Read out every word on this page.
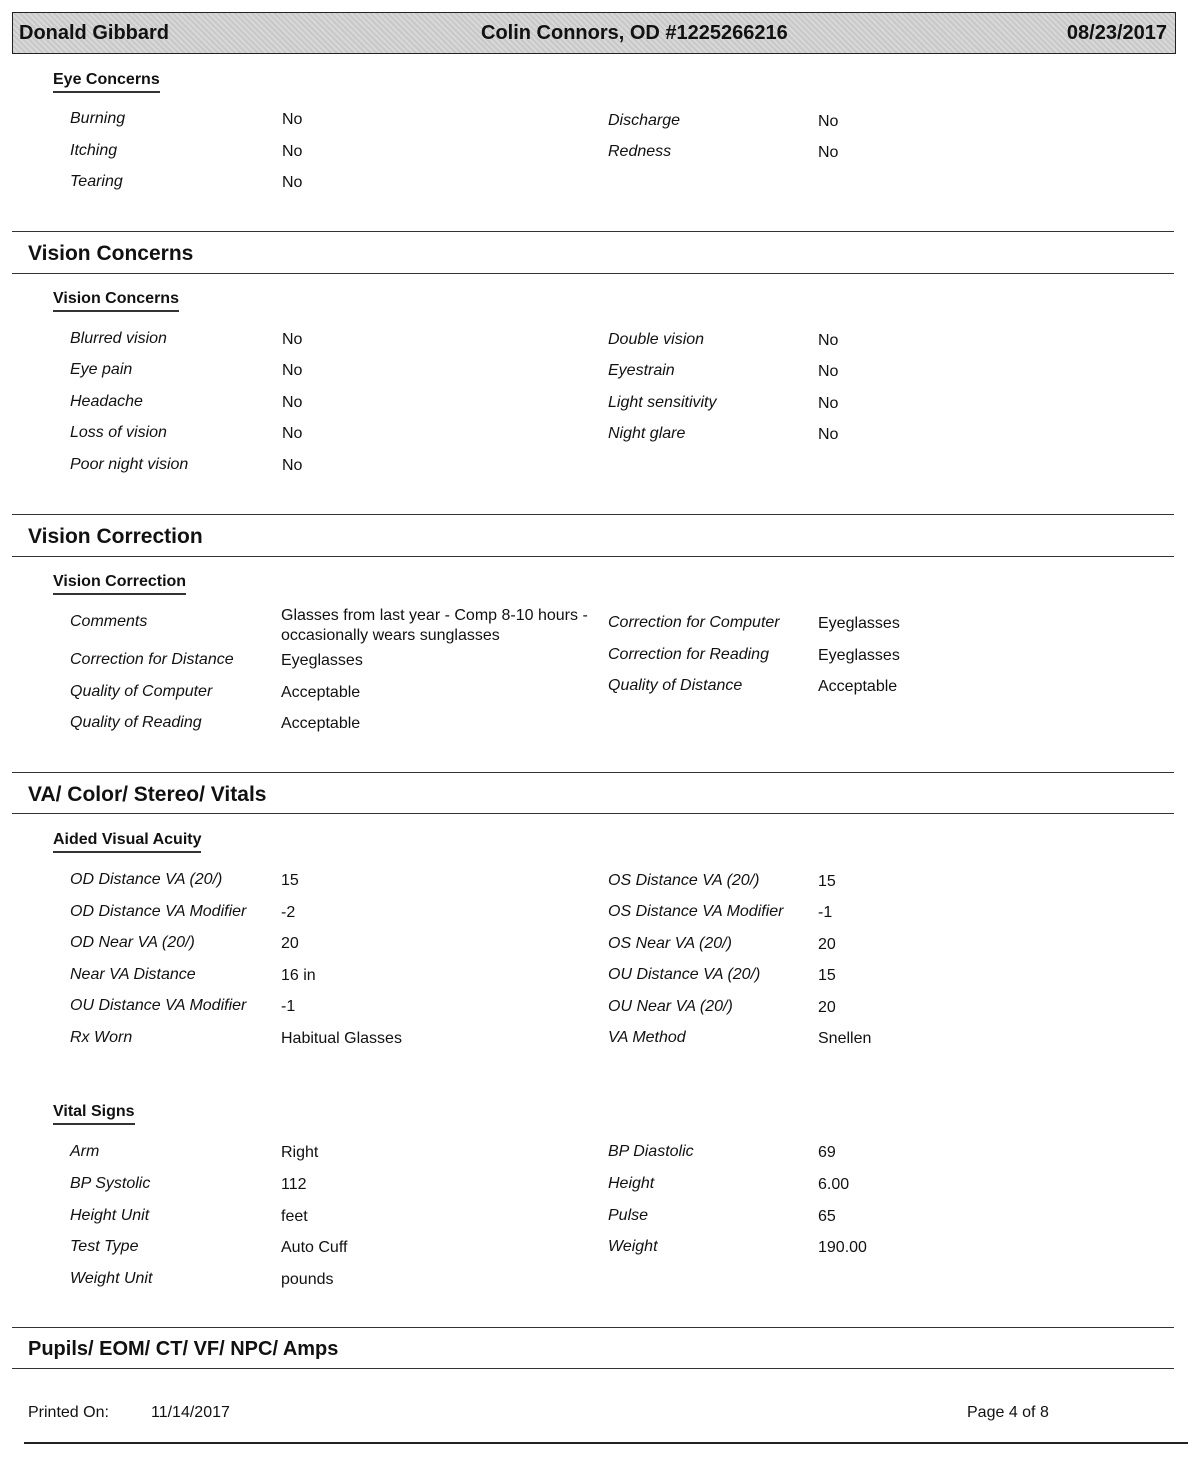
Donald Gibbard	Colin Connors, OD #1225266216	08/23/2017
Eye Concerns
Burning	No
Itching	No
Tearing	No
Discharge	No
Redness	No
Vision Concerns
Vision Concerns
Blurred vision	No
Eye pain	No
Headache	No
Loss of vision	No
Poor night vision	No
Double vision	No
Eyestrain	No
Light sensitivity	No
Night glare	No
Vision Correction
Vision Correction
Comments	Glasses from last year - Comp 8-10 hours - occasionally wears sunglasses
Correction for Distance	Eyeglasses
Quality of Computer	Acceptable
Quality of Reading	Acceptable
Correction for Computer Eyeglasses
Correction for Reading	Eyeglasses
Quality of Distance	Acceptable
VA/ Color/ Stereo/ Vitals
Aided Visual Acuity
OD Distance VA (20/)	15
OD Distance VA Modifier -2
OD Near VA (20/)	20
Near VA Distance	16 in
OU Distance VA Modifier -1
Rx Worn	Habitual Glasses
OS Distance VA (20/)	15
OS Distance VA Modifier -1
OS Near VA (20/)	20
OU Distance VA (20/)	15
OU Near VA (20/)	20
VA Method	Snellen
Vital Signs
Arm	Right
BP Systolic	112
Height Unit	feet
Test Type	Auto Cuff
Weight Unit	pounds
BP Diastolic	69
Height	6.00
Pulse	65
Weight	190.00
Pupils/ EOM/ CT/ VF/ NPC/ Amps
Printed On:	11/14/2017	Page 4 of 8
